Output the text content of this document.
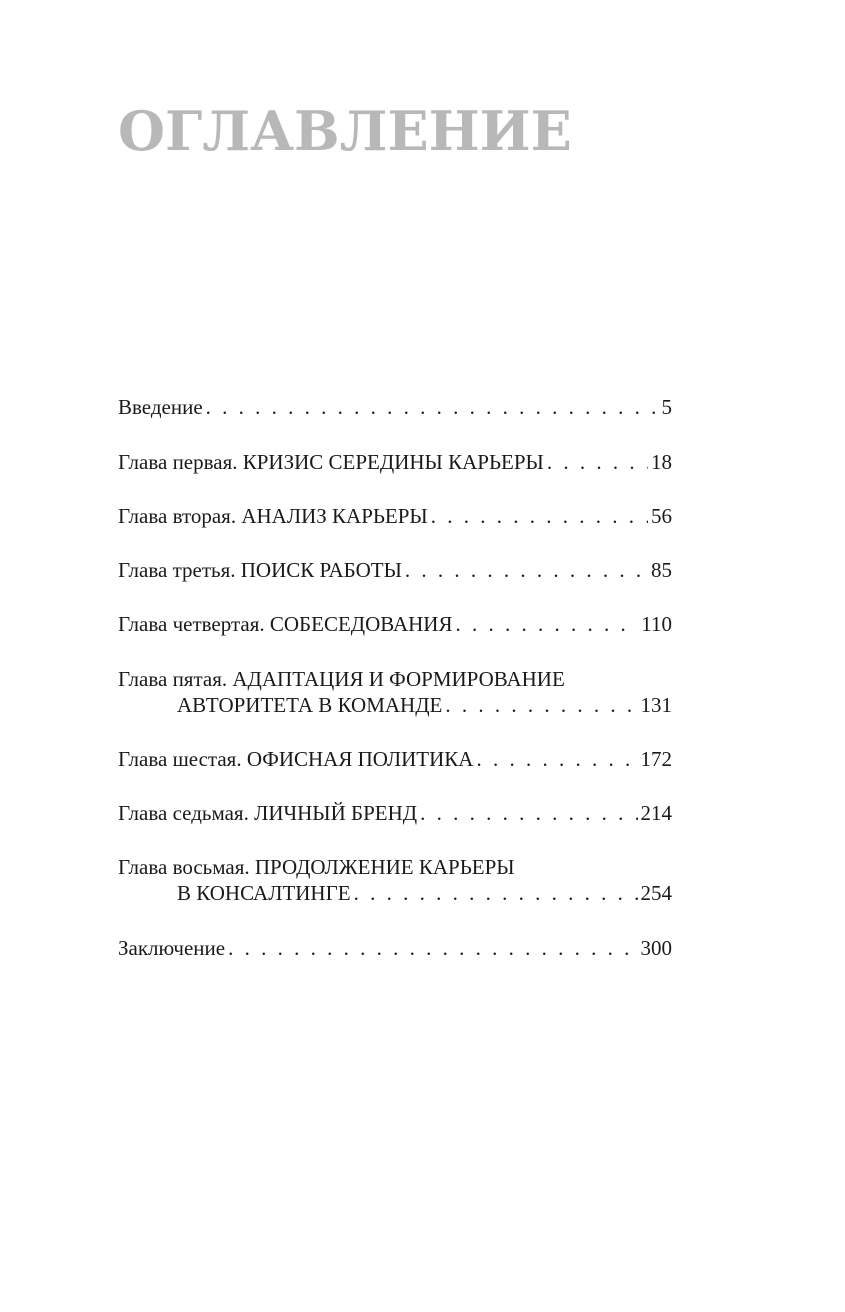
ОГЛАВЛЕНИЕ
Введение . . .	5
Глава первая. КРИЗИС СЕРЕДИНЫ КАРЬЕРЫ . . .	18
Глава вторая. АНАЛИЗ КАРЬЕРЫ . . .	56
Глава третья. ПОИСК РАБОТЫ . . .	85
Глава четвертая. СОБЕСЕДОВАНИЯ . . .	110
Глава пятая. АДАПТАЦИЯ И ФОРМИРОВАНИЕ
АВТОРИТЕТА В КОМАНДЕ . . .	131
Глава шестая. ОФИСНАЯ ПОЛИТИКА . . .	172
Глава седьмая. ЛИЧНЫЙ БРЕНД . . .	214
Глава восьмая. ПРОДОЛЖЕНИЕ КАРЬЕРЫ
В КОНСАЛТИНГЕ . . .	254
Заключение . . .	300
